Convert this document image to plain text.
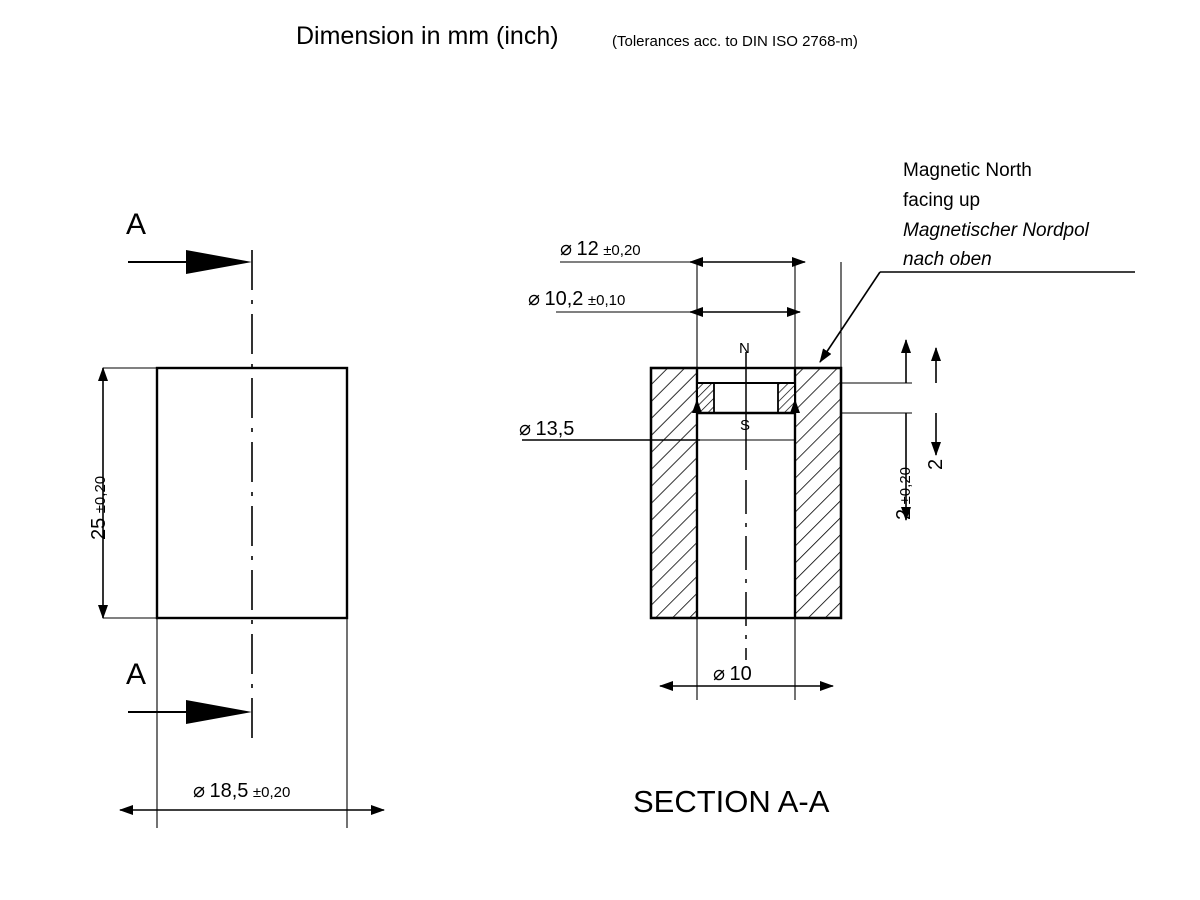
Dimension in mm (inch)	(Tolerances acc. to DIN ISO 2768-m)
A
A
25 ±0,20
⌀ 18,5 ±0,20
⌀ 12 ±0,20
⌀ 10,2 ±0,10
⌀ 13,5
⌀ 10
N
S
2 ±0,20
2
Magnetic North
facing up
Magnetischer Nordpol
nach oben
SECTION A-A
